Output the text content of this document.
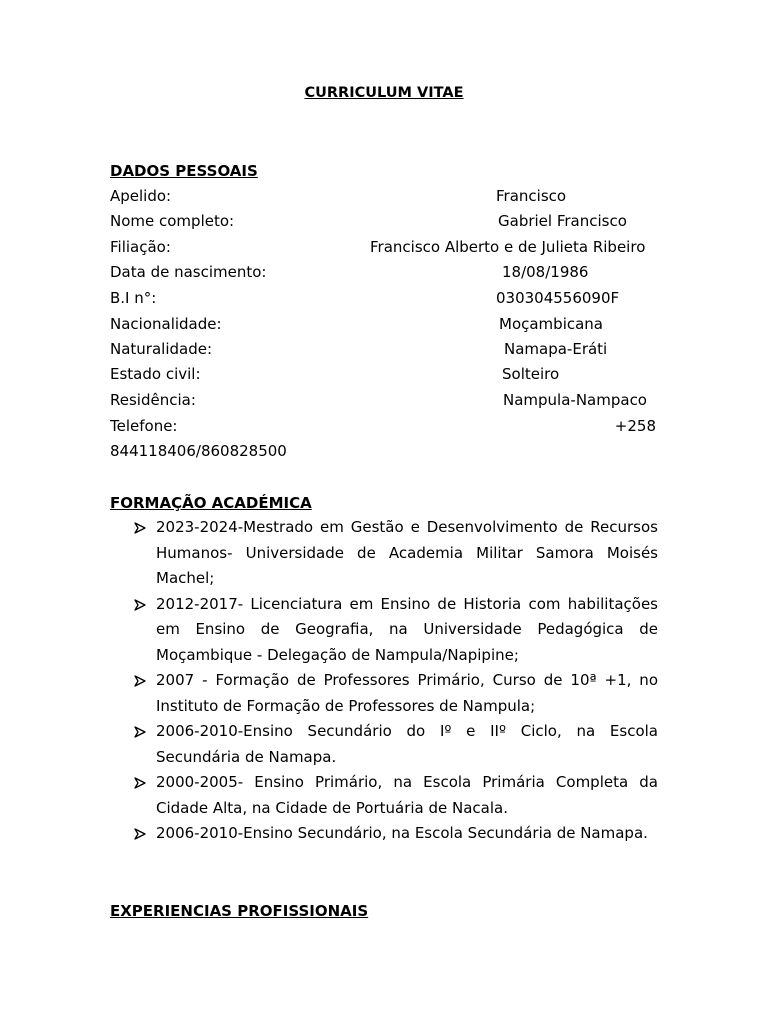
CURRICULUM VITAE
DADOS PESSOAIS
Apelido:	Francisco
Nome completo:	Gabriel Francisco
Filiação:	Francisco Alberto e de Julieta Ribeiro
Data de nascimento:	18/08/1986
B.I n°:	030304556090F
Nacionalidade:	Moçambicana
Naturalidade:	Namapa-Eráti
Estado civil:	Solteiro
Residência:	Nampula-Nampaco
Telefone:	+258
844118406/860828500
FORMAÇÃO ACADÉMICA
2023-2024-Mestrado em Gestão e Desenvolvimento de Recursos Humanos- Universidade de Academia Militar Samora Moisés Machel;
2012-2017- Licenciatura em Ensino de Historia com habilitações em Ensino de Geografia, na Universidade Pedagógica de Moçambique - Delegação de Nampula/Napipine;
2007 - Formação de Professores Primário, Curso de 10ª +1, no Instituto de Formação de Professores de Nampula;
2006-2010-Ensino Secundário do Iº e IIº Ciclo, na Escola Secundária de Namapa.
2000-2005- Ensino Primário, na Escola Primária Completa da Cidade Alta, na Cidade de Portuária de Nacala.
2006-2010-Ensino Secundário, na Escola Secundária de Namapa.
EXPERIENCIAS PROFISSIONAIS
